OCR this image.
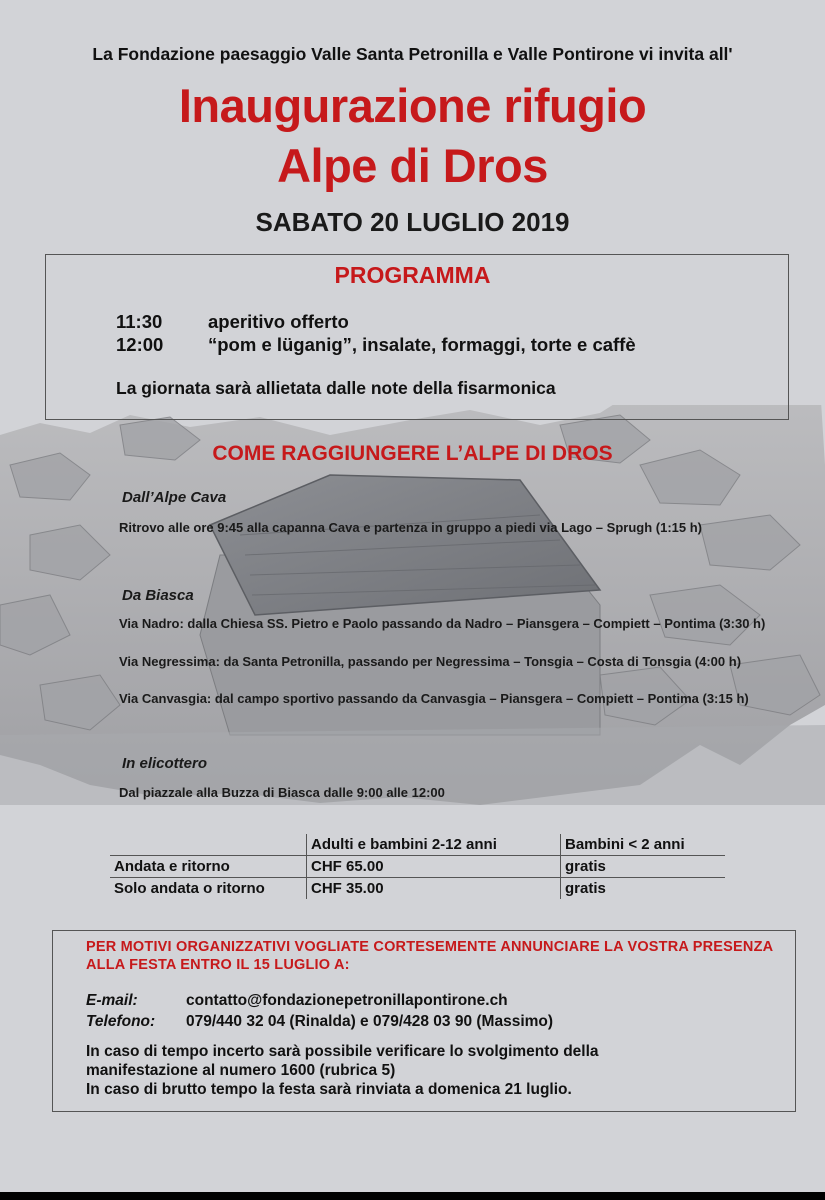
La Fondazione paesaggio Valle Santa Petronilla e Valle Pontirone vi invita all'
Inaugurazione rifugio
Alpe di Dros
SABATO 20 LUGLIO 2019
PROGRAMMA
11:30 aperitivo offerto
12:00 “pom e lüganig”, insalate, formaggi, torte e caffè
La giornata sarà allietata dalle note della fisarmonica
COME RAGGIUNGERE L’ALPE DI DROS
Dall’Alpe Cava
Ritrovo alle ore 9:45 alla capanna Cava e partenza in gruppo a piedi via Lago – Sprugh (1:15 h)
Da Biasca
Via Nadro: dalla Chiesa SS. Pietro e Paolo passando da Nadro – Piansgera – Compiett – Pontima (3:30 h)
Via Negressima: da Santa Petronilla, passando per Negressima – Tonsgia – Costa di Tonsgia (4:00 h)
Via Canvasgia: dal campo sportivo passando da Canvasgia – Piansgera – Compiett – Pontima (3:15 h)
In elicottero
Dal piazzale alla Buzza di Biasca dalle 9:00 alle 12:00
	Adulti e bambini 2-12 anni	Bambini < 2 anni
Andata e ritorno	CHF 65.00	gratis
Solo andata o ritorno	CHF 35.00	gratis
PER MOTIVI ORGANIZZATIVI VOGLIATE CORTESEMENTE ANNUNCIARE LA VOSTRA PRESENZA ALLA FESTA ENTRO IL 15 LUGLIO A:
E-mail:	contatto@fondazionepetronillapontirone.ch
Telefono: 079/440 32 04 (Rinalda) e 079/428 03 90 (Massimo)
In caso di tempo incerto sarà possibile verificare lo svolgimento della
manifestazione al numero 1600 (rubrica 5)
In caso di brutto tempo la festa sarà rinviata a domenica 21 luglio.
